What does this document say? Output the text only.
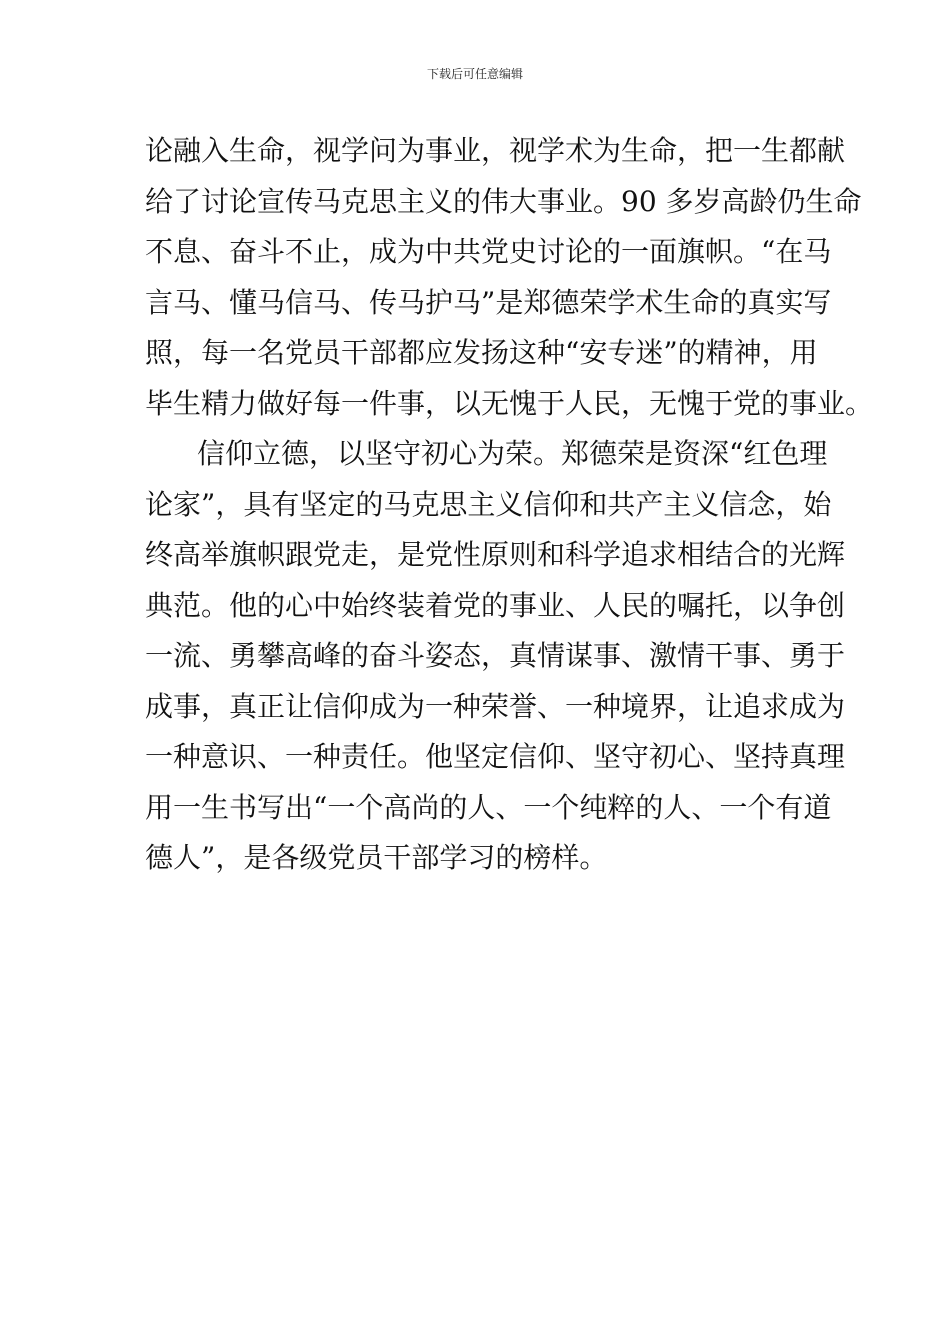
下载后可任意编辑
论融入生命，视学问为事业，视学术为生命，把一生都献
给了讨论宣传马克思主义的伟大事业。90 多岁高龄仍生命
不息、奋斗不止，成为中共党史讨论的一面旗帜。“在马
言马、懂马信马、传马护马”是郑德荣学术生命的真实写
照，每一名党员干部都应发扬这种“安专迷”的精神，用
毕生精力做好每一件事，以无愧于人民，无愧于党的事业。
信仰立德，以坚守初心为荣。郑德荣是资深“红色理
论家”，具有坚定的马克思主义信仰和共产主义信念，始
终高举旗帜跟党走，是党性原则和科学追求相结合的光辉
典范。他的心中始终装着党的事业、人民的嘱托，以争创
一流、勇攀高峰的奋斗姿态，真情谋事、激情干事、勇于
成事，真正让信仰成为一种荣誉、一种境界，让追求成为
一种意识、一种责任。他坚定信仰、坚守初心、坚持真理
用一生书写出“一个高尚的人、一个纯粹的人、一个有道
德人”，是各级党员干部学习的榜样。
